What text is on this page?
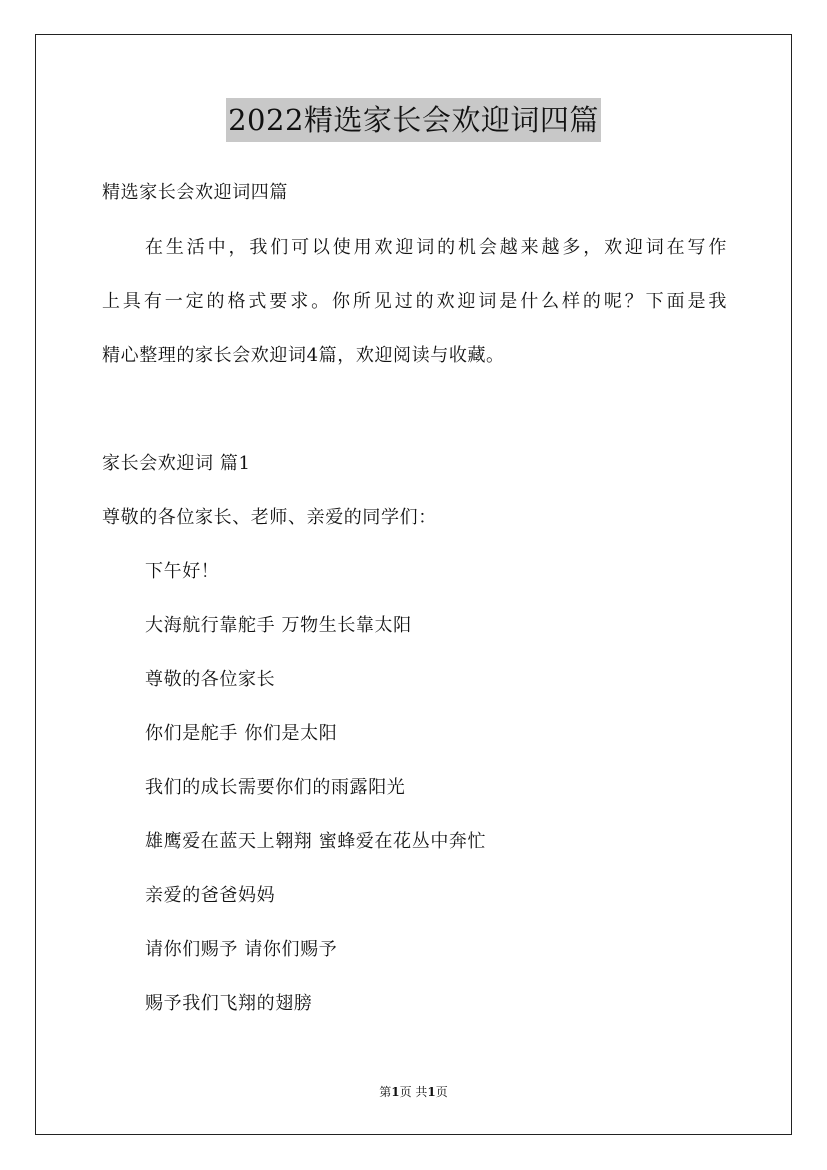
2022精选家长会欢迎词四篇
精选家长会欢迎词四篇
在生活中，我们可以使用欢迎词的机会越来越多，欢迎词在写作
上具有一定的格式要求。你所见过的欢迎词是什么样的呢？下面是我
精心整理的家长会欢迎词4篇，欢迎阅读与收藏。
家长会欢迎词 篇1
尊敬的各位家长、老师、亲爱的同学们：
下午好！
大海航行靠舵手 万物生长靠太阳
尊敬的各位家长
你们是舵手 你们是太阳
我们的成长需要你们的雨露阳光
雄鹰爱在蓝天上翱翔 蜜蜂爱在花丛中奔忙
亲爱的爸爸妈妈
请你们赐予 请你们赐予
赐予我们飞翔的翅膀
第1页 共1页
